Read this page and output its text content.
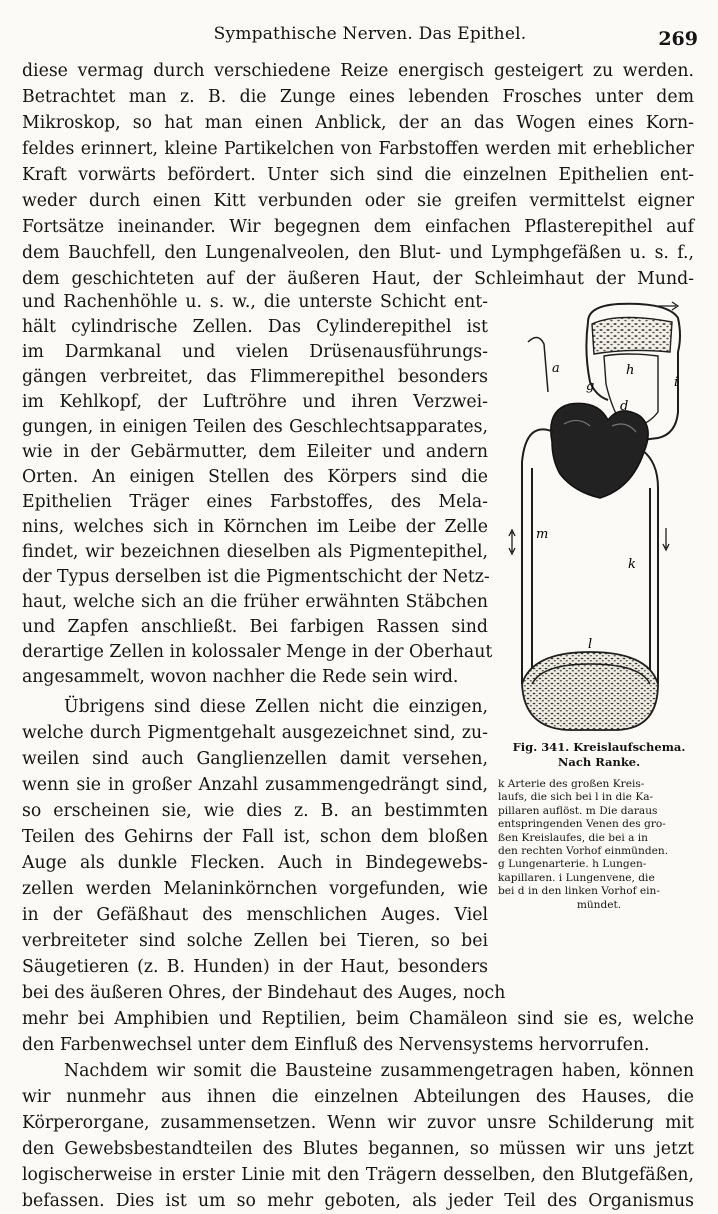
Sympathische Nerven. Das Epithel.	269
diese vermag durch verschiedene Reize energisch gesteigert zu werden.
Betrachtet man z. B. die Zunge eines lebenden Frosches unter dem
Mikroskop, so hat man einen Anblick, der an das Wogen eines Korn-
feldes erinnert, kleine Partikelchen von Farbstoffen werden mit erheblicher
Kraft vorwärts befördert. Unter sich sind die einzelnen Epithelien ent-
weder durch einen Kitt verbunden oder sie greifen vermittelst eigner
Fortsätze ineinander. Wir begegnen dem einfachen Pflasterepithel auf
dem Bauchfell, den Lungenalveolen, den Blut- und Lymphgefäßen u. s. f.,
dem geschichteten auf der äußeren Haut, der Schleimhaut der Mund-
und Rachenhöhle u. s. w., die unterste Schicht ent-
hält cylindrische Zellen. Das Cylinderepithel ist
im Darmkanal und vielen Drüsenausführungs-
gängen verbreitet, das Flimmerepithel besonders
im Kehlkopf, der Luftröhre und ihren Verzwei-
gungen, in einigen Teilen des Geschlechtsapparates,
wie in der Gebärmutter, dem Eileiter und andern
Orten. An einigen Stellen des Körpers sind die
Epithelien Träger eines Farbstoffes, des Mela-
nins, welches sich in Körnchen im Leibe der Zelle
findet, wir bezeichnen dieselben als Pigmentepithel,
der Typus derselben ist die Pigmentschicht der Netz-
haut, welche sich an die früher erwähnten Stäbchen
und Zapfen anschließt. Bei farbigen Rassen sind
derartige Zellen in kolossaler Menge in der Oberhaut
angesammelt, wovon nachher die Rede sein wird.
Übrigens sind diese Zellen nicht die einzigen,
welche durch Pigmentgehalt ausgezeichnet sind, zu-
weilen sind auch Ganglienzellen damit versehen,
wenn sie in großer Anzahl zusammengedrängt sind,
so erscheinen sie, wie dies z. B. an bestimmten
Teilen des Gehirns der Fall ist, schon dem bloßen
Auge als dunkle Flecken. Auch in Bindegewebs-
zellen werden Melaninkörnchen vorgefunden, wie
in der Gefäßhaut des menschlichen Auges. Viel
verbreiteter sind solche Zellen bei Tieren, so bei
Säugetieren (z. B. Hunden) in der Haut, besonders
bei des äußeren Ohres, der Bindehaut des Auges, noch
mehr bei Amphibien und Reptilien, beim Chamäleon sind sie es, welche
den Farbenwechsel unter dem Einfluß des Nervensystems hervorrufen.
Nachdem wir somit die Bausteine zusammengetragen haben, können
wir nunmehr aus ihnen die einzelnen Abteilungen des Hauses, die
Körperorgane, zusammensetzen. Wenn wir zuvor unsre Schilderung mit
den Gewebsbestandteilen des Blutes begannen, so müssen wir uns jetzt
logischerweise in erster Linie mit den Trägern desselben, den Blutgefäßen,
befassen. Dies ist um so mehr geboten, als jeder Teil des Organismus
a
g
h
i
d
m
k
l
Fig. 341. Kreislaufschema.
Nach Ranke.

k Arterie des großen Kreis-

laufs, die sich bei l in die Ka-

pillaren auflöst. m Die daraus

entspringenden Venen des gro-

ßen Kreislaufes, die bei a in

den rechten Vorhof einmünden.

g Lungenarterie. h Lungen-

kapillaren. i Lungenvene, die

bei d in den linken Vorhof ein-

mündet.
